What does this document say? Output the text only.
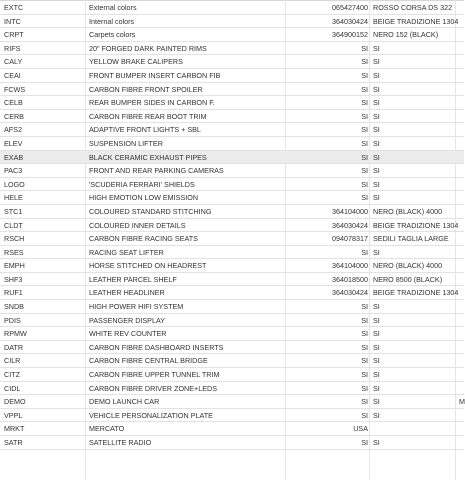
EXTC	External colors	065427400 ROSSO CORSA DS 322
INTC	Internal colors	364030424 BEIGE TRADIZIONE 1304
CRPT	Carpets colors	364900152 NERO 152 (BLACK)
RIFS	20" FORGED DARK PAINTED RIMS	SI SI
CALY	YELLOW BRAKE CALIPERS	SI SI
CEAI	FRONT BUMPER INSERT CARBON FIB	SI SI
FCWS	CARBON FIBRE FRONT SPOILER	SI SI
CELB	REAR BUMPER SIDES IN CARBON F.	SI SI
CERB	CARBON FIBRE REAR BOOT TRIM	SI SI
AFS2	ADAPTIVE FRONT LIGHTS + SBL	SI SI
ELEV	SUSPENSION LIFTER	SI SI
EXAB	BLACK CERAMIC EXHAUST PIPES	SI SI
PAC3	FRONT AND REAR PARKING CAMERAS	SI SI
LOGO	'SCUDERIA FERRARI' SHIELDS	SI SI
HELE	HIGH EMOTION LOW EMISSION	SI SI
STC1	COLOURED STANDARD STITCHING	364104000 NERO (BLACK) 4000
CLDT	COLOURED INNER DETAILS	364030424 BEIGE TRADIZIONE 1304
RSCH	CARBON FIBRE RACING SEATS	094078317 SEDILI TAGLIA LARGE
RSES	RACING SEAT LIFTER	SI SI
EMPH	HORSE STITCHED ON HEADREST	364104000 NERO (BLACK) 4000
SHF3	LEATHER PARCEL SHELF	364018500 NERO 8500 (BLACK)
RUF1	LEATHER HEADLINER	364030424 BEIGE TRADIZIONE 1304
SNDB	HIGH POWER HIFI SYSTEM	SI SI
PDIS	PASSENGER DISPLAY	SI SI
RPMW	WHITE REV COUNTER	SI SI
DATR	CARBON FIBRE DASHBOARD INSERTS	SI SI
CILR	CARBON FIBRE CENTRAL BRIDGE	SI SI
CITZ	CARBON FIBRE UPPER TUNNEL TRIM	SI SI
CIDL	CARBON FIBRE DRIVER ZONE+LEDS	SI SI
DEMO	DEMO LAUNCH CAR	SI SI	M
VPPL	VEHICLE PERSONALIZATION PLATE	SI SI
MRKT	MERCATO	USA
SATR	SATELLITE RADIO	SI SI
